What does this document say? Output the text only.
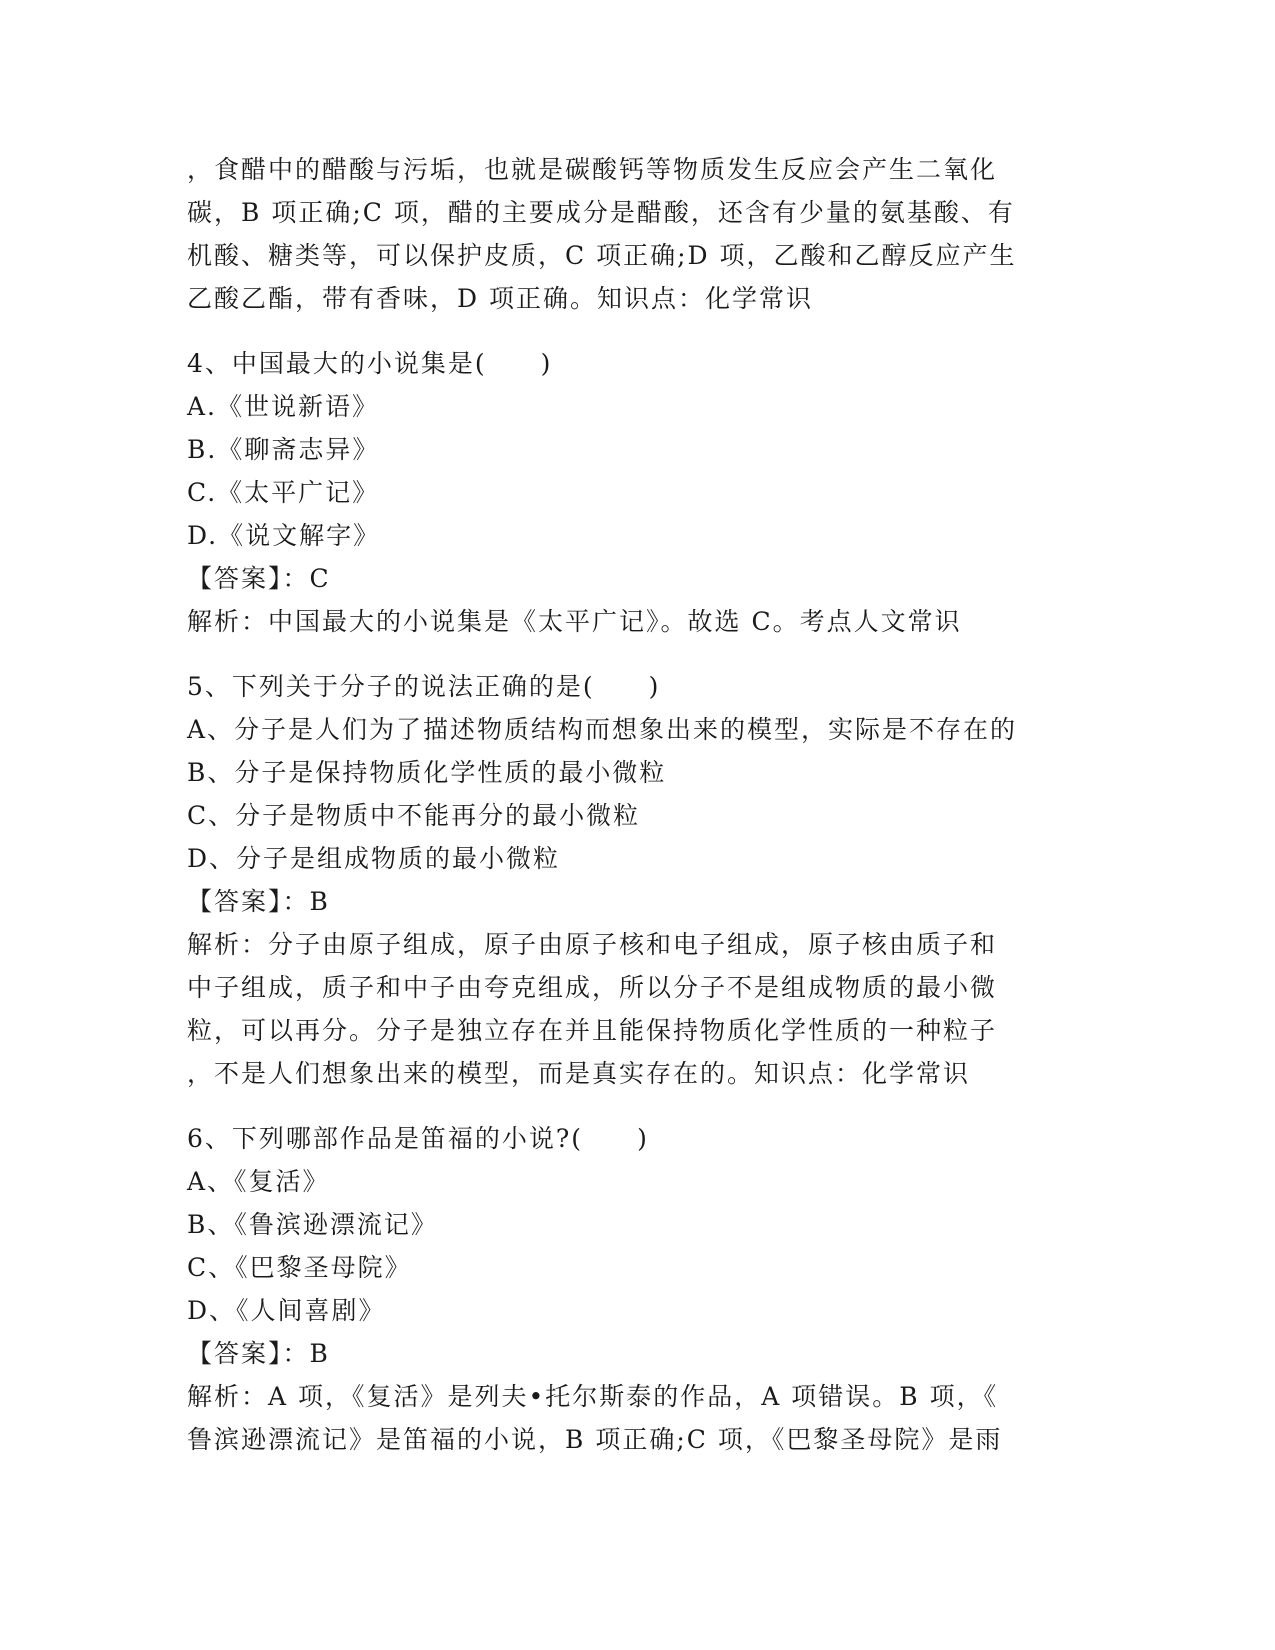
，食醋中的醋酸与污垢，也就是碳酸钙等物质发生反应会产生二氧化
碳，B 项正确;C 项，醋的主要成分是醋酸，还含有少量的氨基酸、有
机酸、糖类等，可以保护皮质，C 项正确;D 项，乙酸和乙醇反应产生
乙酸乙酯，带有香味，D 项正确。知识点：化学常识
4、中国最大的小说集是(　　)
A.《世说新语》
B.《聊斋志异》
C.《太平广记》
D.《说文解字》
【答案】：C
解析：中国最大的小说集是《太平广记》。故选 C。考点人文常识
5、下列关于分子的说法正确的是(　　)
A、分子是人们为了描述物质结构而想象出来的模型，实际是不存在的
B、分子是保持物质化学性质的最小微粒
C、分子是物质中不能再分的最小微粒
D、分子是组成物质的最小微粒
【答案】：B
解析：分子由原子组成，原子由原子核和电子组成，原子核由质子和
中子组成，质子和中子由夸克组成，所以分子不是组成物质的最小微
粒，可以再分。分子是独立存在并且能保持物质化学性质的一种粒子
，不是人们想象出来的模型，而是真实存在的。知识点：化学常识
6、下列哪部作品是笛福的小说?(　　)
A、《复活》
B、《鲁滨逊漂流记》
C、《巴黎圣母院》
D、《人间喜剧》
【答案】：B
解析：A 项，《复活》是列夫•托尔斯泰的作品，A 项错误。B 项，《
鲁滨逊漂流记》是笛福的小说，B 项正确;C 项，《巴黎圣母院》是雨
